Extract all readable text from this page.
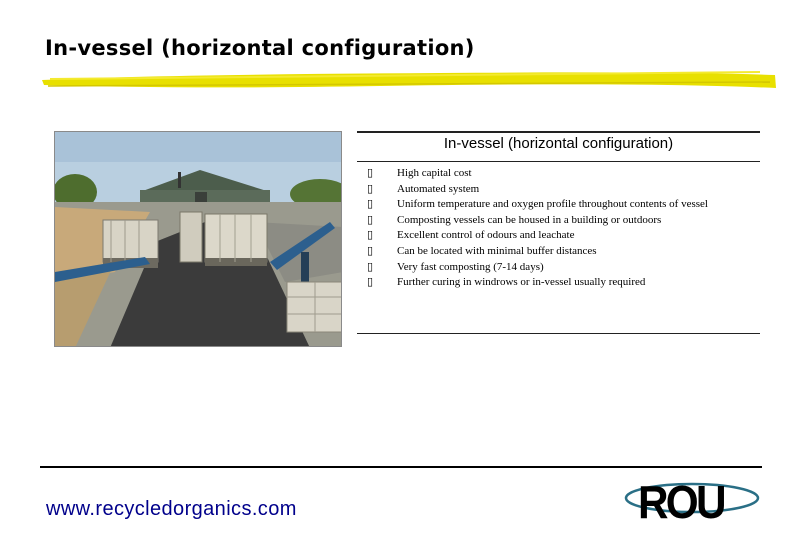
In-vessel (horizontal configuration)
In-vessel (horizontal configuration)
▯ High capital cost
▯ Automated system
▯ Uniform temperature and oxygen profile throughout contents of vessel
▯ Composting vessels can be housed in a building or outdoors
▯ Excellent control of odours and leachate
▯ Can be located with minimal buffer distances
▯ Very fast composting (7-14 days)
▯ Further curing in windrows or in-vessel usually required
www.recycledorganics.com	ROU
